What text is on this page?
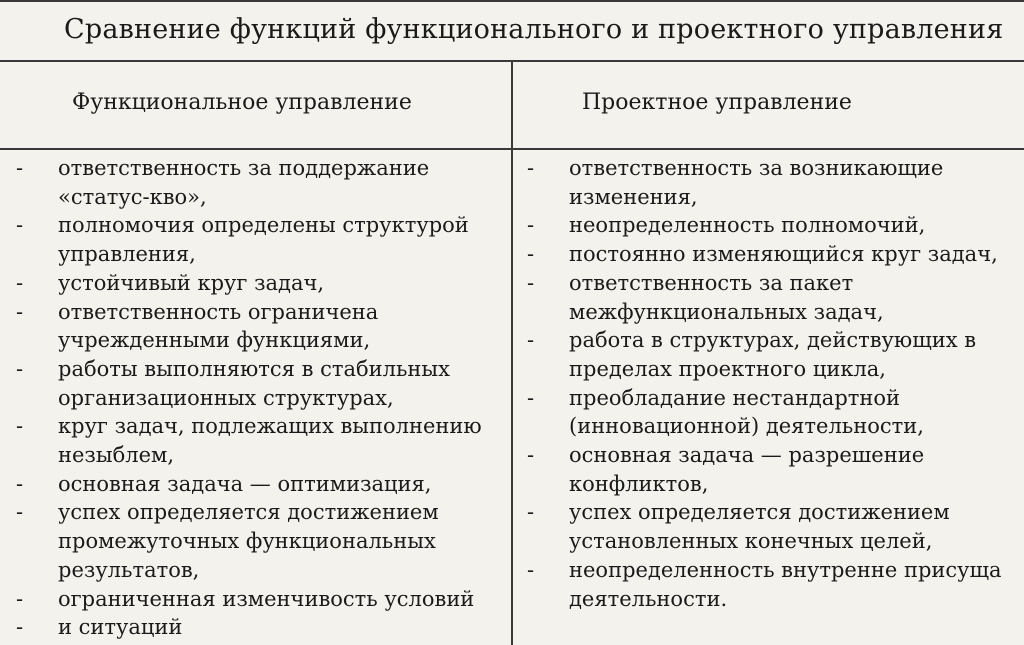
Сравнение функций функционального и проектного управления
Функциональное управление	Проектное управление
- ответственность за поддержание
«статус-кво»,
- полномочия определены структурой
управления,
- устойчивый круг задач,
- ответственность ограничена
учрежденными функциями,
- работы выполняются в стабильных
организационных структурах,
- круг задач, подлежащих выполнению
незыблем,
- основная задача — оптимизация,
- успех определяется достижением
промежуточных функциональных
результатов,
- ограниченная изменчивость условий
- и ситуаций
- ответственность за возникающие
изменения,
- неопределенность полномочий,
- постоянно изменяющийся круг задач,
- ответственность за пакет
межфункциональных задач,
- работа в структурах, действующих в
пределах проектного цикла,
- преобладание нестандартной
(инновационной) деятельности,
- основная задача — разрешение
конфликтов,
- успех определяется достижением
установленных конечных целей,
- неопределенность внутренне присуща
деятельности.
